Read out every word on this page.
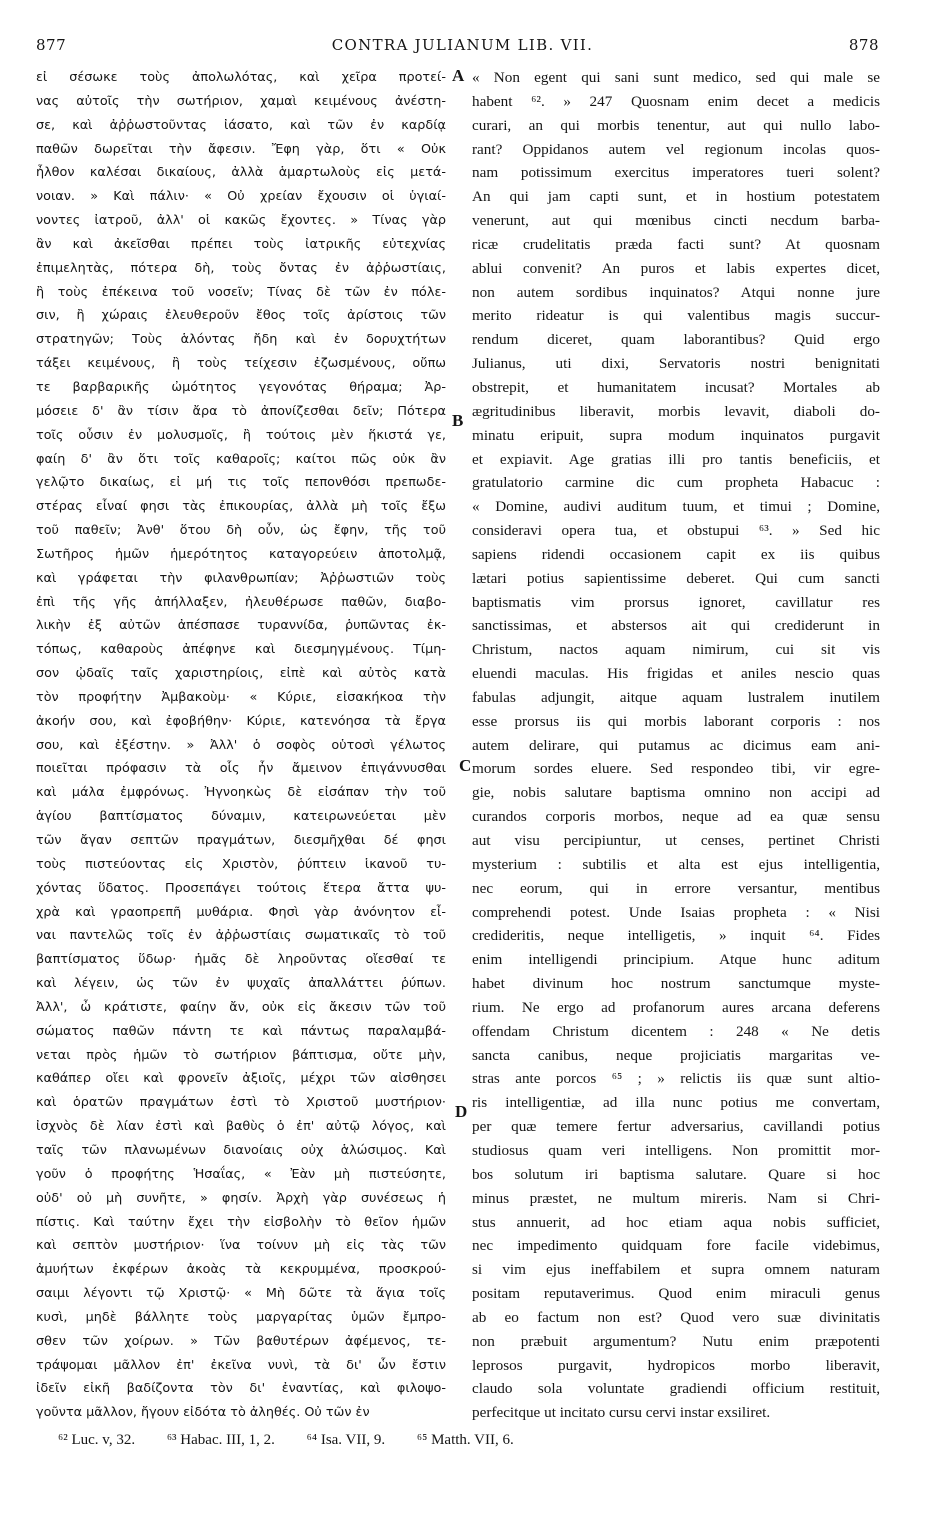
877	CONTRA JULIANUM LIB. VII.	878
εἰ σέσωκε τοὺς ἀπολωλότας, καὶ χεῖρα προτεί-
νας αὐτοῖς τὴν σωτήριον, χαμαὶ κειμένους ἀνέστη-
σε, καὶ ἀῤῥωστοῦντας ἰάσατο, καὶ τῶν ἐν καρδίᾳ
παθῶν δωρεῖται τὴν ἄφεσιν. Ἔφη γὰρ, ὅτι « Οὐκ
ἦλθον καλέσαι δικαίους, ἀλλὰ ἁμαρτωλοὺς εἰς μετά-
νοιαν. » Καὶ πάλιν· « Οὐ χρείαν ἔχουσιν οἱ ὑγιαί-
νοντες ἰατροῦ, ἀλλ' οἱ κακῶς ἔχοντες. » Τίνας γὰρ
ἂν καὶ ἀκεῖσθαι πρέπει τοὺς ἰατρικῆς εὐτεχνίας
ἐπιμελητὰς, πότερα δὴ, τοὺς ὄντας ἐν ἀῤῥωστίαις,
ἢ τοὺς ἐπέκεινα τοῦ νοσεῖν; Τίνας δὲ τῶν ἐν πόλε-
σιν, ἢ χώραις ἐλευθεροῦν ἔθος τοῖς ἀρίστοις τῶν
στρατηγῶν; Τοὺς ἁλόντας ἤδη καὶ ἐν δορυχτήτων
τάξει κειμένους, ἢ τοὺς τείχεσιν ἐζωσμένους, οὔπω
τε βαρβαρικῆς ὠμότητος γεγονότας θήραμα; Ἀρ-
μόσειε δ' ἂν τίσιν ἄρα τὸ ἀπονίζεσθαι δεῖν; Πότερα
τοῖς οὖσιν ἐν μολυσμοῖς, ἢ τούτοις μὲν ἥκιστά γε,
φαίη δ' ἂν ὅτι τοῖς καθαροῖς; καίτοι πῶς οὐκ ἂν
γελῷτο δικαίως, εἰ μή τις τοῖς πεπονθόσι πρεπωδε-
στέρας εἶναί φησι τὰς ἐπικουρίας, ἀλλὰ μὴ τοῖς ἔξω
τοῦ παθεῖν; Ἀνθ' ὅτου δὴ οὖν, ὡς ἔφην, τῆς τοῦ
Σωτῆρος ἡμῶν ἡμερότητος καταγορεύειν ἀποτολμᾷ,
καὶ γράφεται τὴν φιλανθρωπίαν; Ἀῤῥωστιῶν τοὺς
ἐπὶ τῆς γῆς ἀπήλλαξεν, ἠλευθέρωσε παθῶν, διαβο-
λικὴν ἐξ αὐτῶν ἀπέσπασε τυραννίδα, ῥυπῶντας ἐκ-
τόπως, καθαροὺς ἀπέφηνε καὶ διεσμηγμένους. Τίμη-
σον ᾠδαῖς ταῖς χαριστηρίοις, εἰπὲ καὶ αὐτὸς κατὰ
τὸν προφήτην Ἀμβακοὺμ· « Κύριε, εἰσακήκοα τὴν
ἀκοήν σου, καὶ ἐφοβήθην· Κύριε, κατενόησα τὰ ἔργα
σου, καὶ ἐξέστην. » Ἀλλ' ὁ σοφὸς οὑτοσὶ γέλωτος
ποιεῖται πρόφασιν τὰ οἷς ἦν ἄμεινον ἐπιγάννυσθαι
καὶ μάλα ἐμφρόνως. Ἠγνοηκὼς δὲ εἰσάπαν τὴν τοῦ
ἁγίου βαπτίσματος δύναμιν, κατειρωνεύεται μὲν
τῶν ἄγαν σεπτῶν πραγμάτων, διεσμῆχθαι δέ φησι
τοὺς πιστεύοντας εἰς Χριστὸν, ῥύπτειν ἱκανοῦ τυ-
χόντας ὕδατος. Προσεπάγει τούτοις ἕτερα ἄττα ψυ-
χρὰ καὶ γραοπρεπῆ μυθάρια. Φησὶ γὰρ ἀνόνητον εἶ-
ναι παντελῶς τοῖς ἐν ἀῤῥωστίαις σωματικαῖς τὸ τοῦ
βαπτίσματος ὕδωρ· ἡμᾶς δὲ ληροῦντας οἴεσθαί τε
καὶ λέγειν, ὡς τῶν ἐν ψυχαῖς ἀπαλλάττει ῥύπων.
Ἀλλ', ὦ κράτιστε, φαίην ἄν, οὐκ εἰς ἄκεσιν τῶν τοῦ
σώματος παθῶν πάντη τε καὶ πάντως παραλαμβά-
νεται πρὸς ἡμῶν τὸ σωτήριον βάπτισμα, οὔτε μὴν,
καθάπερ οἴει καὶ φρονεῖν ἀξιοῖς, μέχρι τῶν αἰσθησει
καὶ ὁρατῶν πραγμάτων ἐστὶ τὸ Χριστοῦ μυστήριον·
ἰσχνὸς δὲ λίαν ἐστὶ καὶ βαθὺς ὁ ἐπ' αὐτῷ λόγος, καὶ
ταῖς τῶν πλανωμένων διανοίαις οὐχ ἁλώσιμος. Καὶ
γοῦν ὁ προφήτης Ἡσαΐας, « Ἐὰν μὴ πιστεύσητε,
οὐδ' οὐ μὴ συνῆτε, » φησίν. Ἀρχὴ γὰρ συνέσεως ἡ
πίστις. Καὶ ταύτην ἔχει τὴν εἰσβολὴν τὸ θεῖον ἡμῶν
καὶ σεπτὸν μυστήριον· ἵνα τοίνυν μὴ εἰς τὰς τῶν
ἀμυήτων ἐκφέρων ἀκοὰς τὰ κεκρυμμένα, προσκρού-
σαιμι λέγοντι τῷ Χριστῷ· « Μὴ δῶτε τὰ ἅγια τοῖς
κυσὶ, μηδὲ βάλλητε τοὺς μαργαρίτας ὑμῶν ἔμπρο-
σθεν τῶν χοίρων. » Τῶν βαθυτέρων ἀφέμενος, τε-
τράψομαι μᾶλλον ἐπ' ἐκεῖνα νυνὶ, τὰ δι' ὧν ἔστιν
ἰδεῖν εἰκῆ βαδίζοντα τὸν δι' ἐναντίας, καὶ φιλοψο-
γοῦντα μᾶλλον, ἤγουν εἰδότα τὸ ἀληθές. Οὐ τῶν ἐν
« Non egent qui sani sunt medico, sed qui male se
habent ⁶². » 247 Quosnam enim decet a medicis
curari, an qui morbis tenentur, aut qui nullo labo-
rant? Oppidanos autem vel regionum incolas quos-
nam potissimum exercitus imperatores tueri solent?
An qui jam capti sunt, et in hostium potestatem
venerunt, aut qui mœnibus cincti necdum barba-
ricæ crudelitatis præda facti sunt? At quosnam
ablui convenit? An puros et labis expertes dicet,
non autem sordibus inquinatos? Atqui nonne jure
merito rideatur is qui valentibus magis succur-
rendum diceret, quam laborantibus? Quid ergo
Julianus, uti dixi, Servatoris nostri benignitati
obstrepit, et humanitatem incusat? Mortales ab
ægritudinibus liberavit, morbis levavit, diaboli do-
minatu eripuit, supra modum inquinatos purgavit
et expiavit. Age gratias illi pro tantis beneficiis, et
gratulatorio carmine dic cum propheta Habacuc :
« Domine, audivi auditum tuum, et timui ; Domine,
consideravi opera tua, et obstupui ⁶³. » Sed hic
sapiens ridendi occasionem capit ex iis quibus
lætari potius sapientissime deberet. Qui cum sancti
baptismatis vim prorsus ignoret, cavillatur res
sanctissimas, et abstersos ait qui crediderunt in
Christum, nactos aquam nimirum, cui sit vis
eluendi maculas. His frigidas et aniles nescio quas
fabulas adjungit, aitque aquam lustralem inutilem
esse prorsus iis qui morbis laborant corporis : nos
autem delirare, qui putamus ac dicimus eam ani-
morum sordes eluere. Sed respondeo tibi, vir egre-
gie, nobis salutare baptisma omnino non accipi ad
curandos corporis morbos, neque ad ea quæ sensu
aut visu percipiuntur, ut censes, pertinet Christi
mysterium : subtilis et alta est ejus intelligentia,
nec eorum, qui in errore versantur, mentibus
comprehendi potest. Unde Isaias propheta : « Nisi
credideritis, neque intelligetis, » inquit ⁶⁴. Fides
enim intelligendi principium. Atque hunc aditum
habet divinum hoc nostrum sanctumque myste-
rium. Ne ergo ad profanorum aures arcana deferens
offendam Christum dicentem : 248 « Ne detis
sancta canibus, neque projiciatis margaritas ve-
stras ante porcos ⁶⁵ ; » relictis iis quæ sunt altio-
ris intelligentiæ, ad illa nunc potius me convertam,
per quæ temere fertur adversarius, cavillandi potius
studiosus quam veri intelligens. Non promittit mor-
bos solutum iri baptisma salutare. Quare si hoc
minus præstet, ne multum mireris. Nam si Chri-
stus annuerit, ad hoc etiam aqua nobis sufficiet,
nec impedimento quidquam fore facile videbimus,
si vim ejus ineffabilem et supra omnem naturam
positam reputaverimus. Quod enim miraculi genus
ab eo factum non est? Quod vero suæ divinitatis
non præbuit argumentum? Nutu enim præpotenti
leprosos purgavit, hydropicos morbo liberavit,
claudo sola voluntate gradiendi officium restituit,
perfecitque ut incitato cursu cervi instar exsiliret.
A
B
C
D
⁶² Luc. v, 32. ⁶³ Habac. III, 1, 2. ⁶⁴ Isa. VII, 9. ⁶⁵ Matth. VII, 6.
